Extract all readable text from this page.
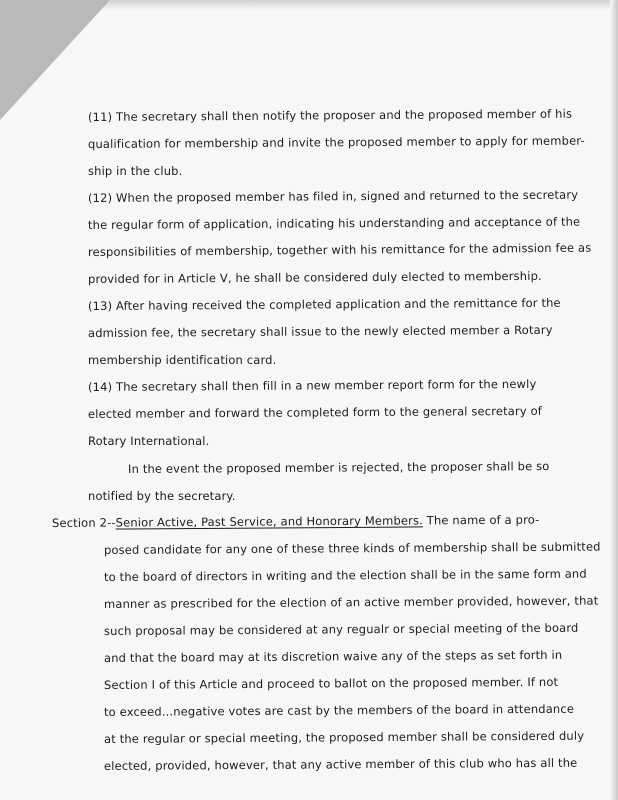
(11) The secretary shall then notify the proposer and the proposed member of his
qualification for membership and invite the proposed member to apply for member-
ship in the club.
(12) When the proposed member has filed in, signed and returned to the secretary
the regular form of application, indicating his understanding and acceptance of the
responsibilities of membership, together with his remittance for the admission fee as
provided for in Article V, he shall be considered duly elected to membership.
(13) After having received the completed application and the remittance for the
admission fee, the secretary shall issue to the newly elected member a Rotary
membership identification card.
(14) The secretary shall then fill in a new member report form for the newly
elected member and forward the completed form to the general secretary of
Rotary International.
In the event the proposed member is rejected, the proposer shall be so
notified by the secretary.
Section 2--Senior Active, Past Service, and Honorary Members. The name of a pro-
posed candidate for any one of these three kinds of membership shall be submitted
to the board of directors in writing and the election shall be in the same form and
manner as prescribed for the election of an active member provided, however, that
such proposal may be considered at any regualr or special meeting of the board
and that the board may at its discretion waive any of the steps as set forth in
Section I of this Article and proceed to ballot on the proposed member. If not
to exceed...negative votes are cast by the members of the board in attendance
at the regular or special meeting, the proposed member shall be considered duly
elected, provided, however, that any active member of this club who has all the
